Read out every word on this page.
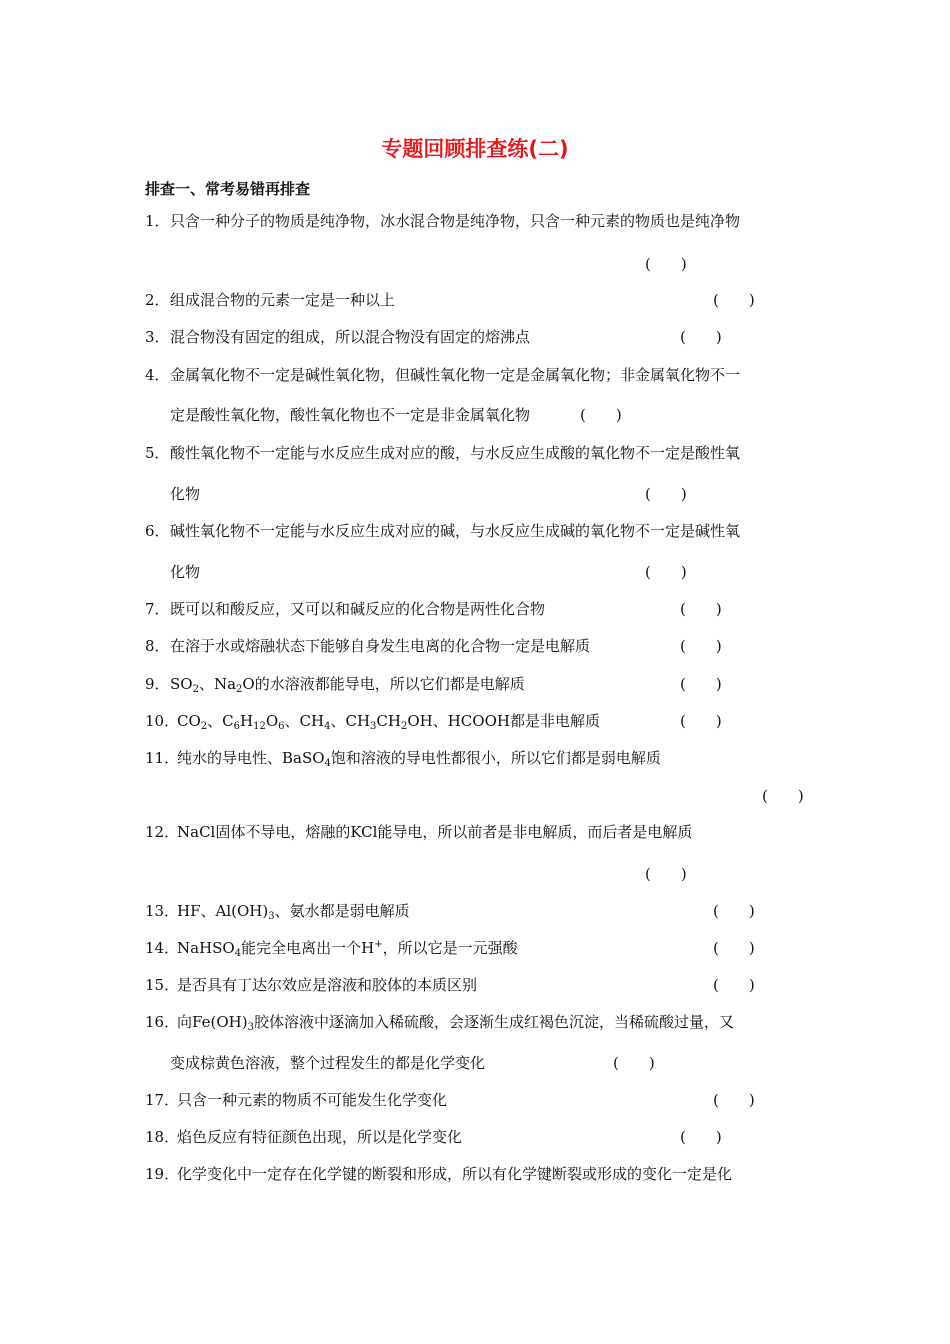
专题回顾排查练(二)
排查一、常考易错再排查
1． 只含一种分子的物质是纯净物，冰水混合物是纯净物，只含一种元素的物质也是纯净物
(  )
2． 组成混合物的元素一定是一种以上	(  )
3． 混合物没有固定的组成，所以混合物没有固定的熔沸点	(  )
4． 金属氧化物不一定是碱性氧化物，但碱性氧化物一定是金属氧化物；非金属氧化物不一
定是酸性氧化物，酸性氧化物也不一定是非金属氧化物	(  )
5． 酸性氧化物不一定能与水反应生成对应的酸，与水反应生成酸的氧化物不一定是酸性氧
化物	(  )
6． 碱性氧化物不一定能与水反应生成对应的碱，与水反应生成碱的氧化物不一定是碱性氧
化物	(  )
7． 既可以和酸反应，又可以和碱反应的化合物是两性化合物	(  )
8． 在溶于水或熔融状态下能够自身发生电离的化合物一定是电解质	(  )
9． $SO_2$、$Na_2O$的水溶液都能导电，所以它们都是电解质	(  )
10．
$CO_2$、$C_6H_{12}O_6$、$CH_4$、$CH_3CH_2OH$、HCOOH都是非电解质	(  )
11．
纯水的导电性、BaSO$_4$饱和溶液的导电性都很小，所以它们都是弱电解质
(  )
12．
NaCl固体不导电，熔融的KCl能导电，所以前者是非电解质，而后者是电解质
(  )
13．
HF、$Al(OH)_3$、氨水都是弱电解质	(  )
14．
NaHSO$_4$能完全电离出一个H+，所以它是一元强酸	(  )
15．
是否具有丁达尔效应是溶液和胶体的本质区别	(  )
16．
向$Fe(OH)_3$胶体溶液中逐滴加入稀硫酸，会逐渐生成红褐色沉淀，当稀硫酸过量，又
变成棕黄色溶液，整个过程发生的都是化学变化	(  )
17．
只含一种元素的物质不可能发生化学变化	(  )
18．
焰色反应有特征颜色出现，所以是化学变化	(  )
19．
化学变化中一定存在化学键的断裂和形成，所以有化学键断裂或形成的变化一定是化
